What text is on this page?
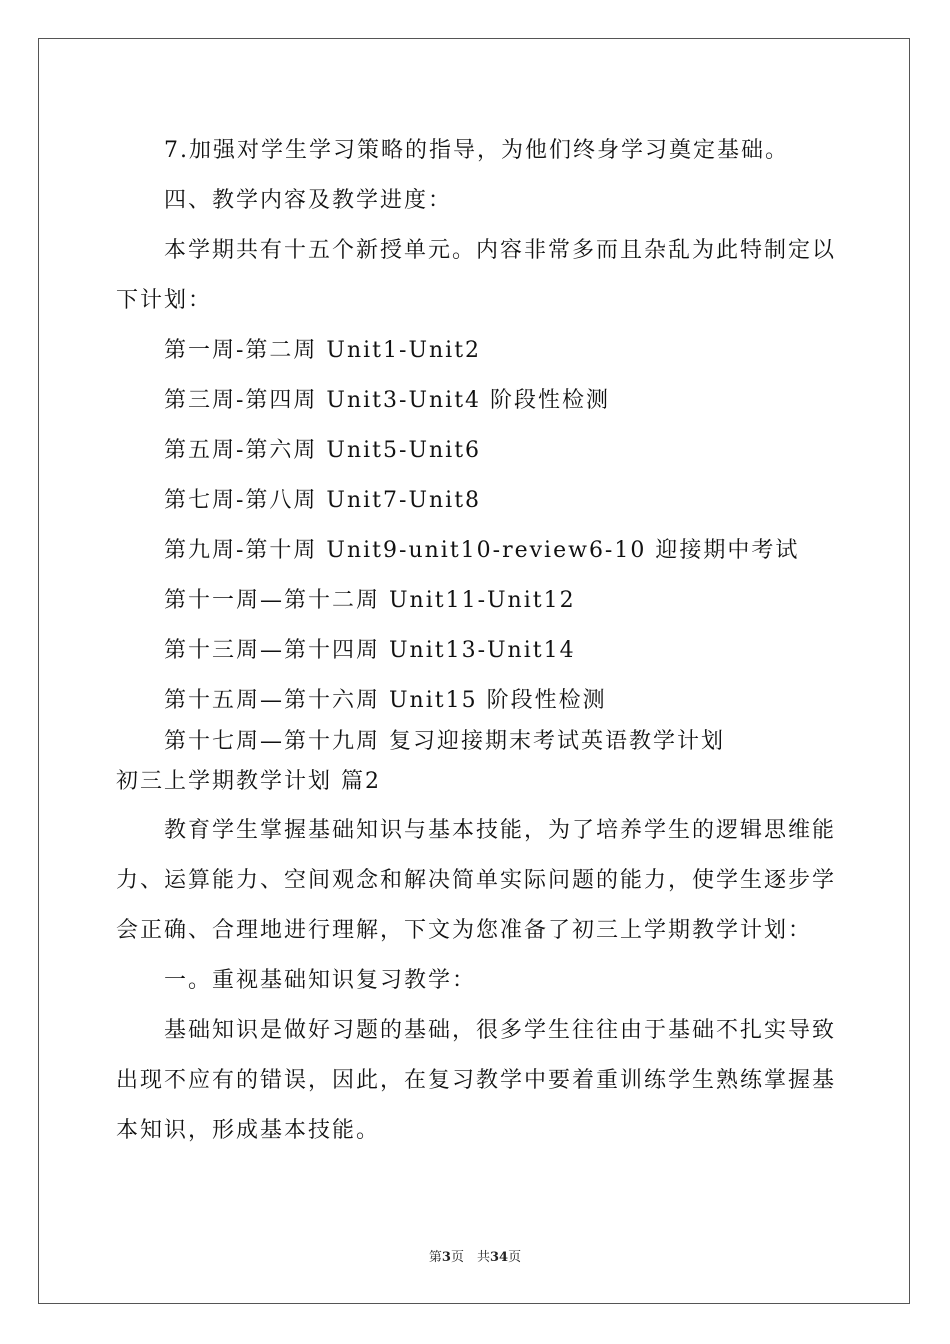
7.加强对学生学习策略的指导，为他们终身学习奠定基础。
四、教学内容及教学进度：
本学期共有十五个新授单元。内容非常多而且杂乱为此特制定以
下计划：
第一周-第二周 Unit1-Unit2
第三周-第四周 Unit3-Unit4 阶段性检测
第五周-第六周 Unit5-Unit6
第七周-第八周 Unit7-Unit8
第九周-第十周 Unit9-unit10-review6-10 迎接期中考试
第十一周—第十二周 Unit11-Unit12
第十三周—第十四周 Unit13-Unit14
第十五周—第十六周 Unit15 阶段性检测
第十七周—第十九周 复习迎接期末考试英语教学计划
初三上学期教学计划 篇2
教育学生掌握基础知识与基本技能，为了培养学生的逻辑思维能
力、运算能力、空间观念和解决简单实际问题的能力，使学生逐步学
会正确、合理地进行理解，下文为您准备了初三上学期教学计划：
一。重视基础知识复习教学：
基础知识是做好习题的基础，很多学生往往由于基础不扎实导致
出现不应有的错误，因此，在复习教学中要着重训练学生熟练掌握基
本知识，形成基本技能。
第3页　共34页
